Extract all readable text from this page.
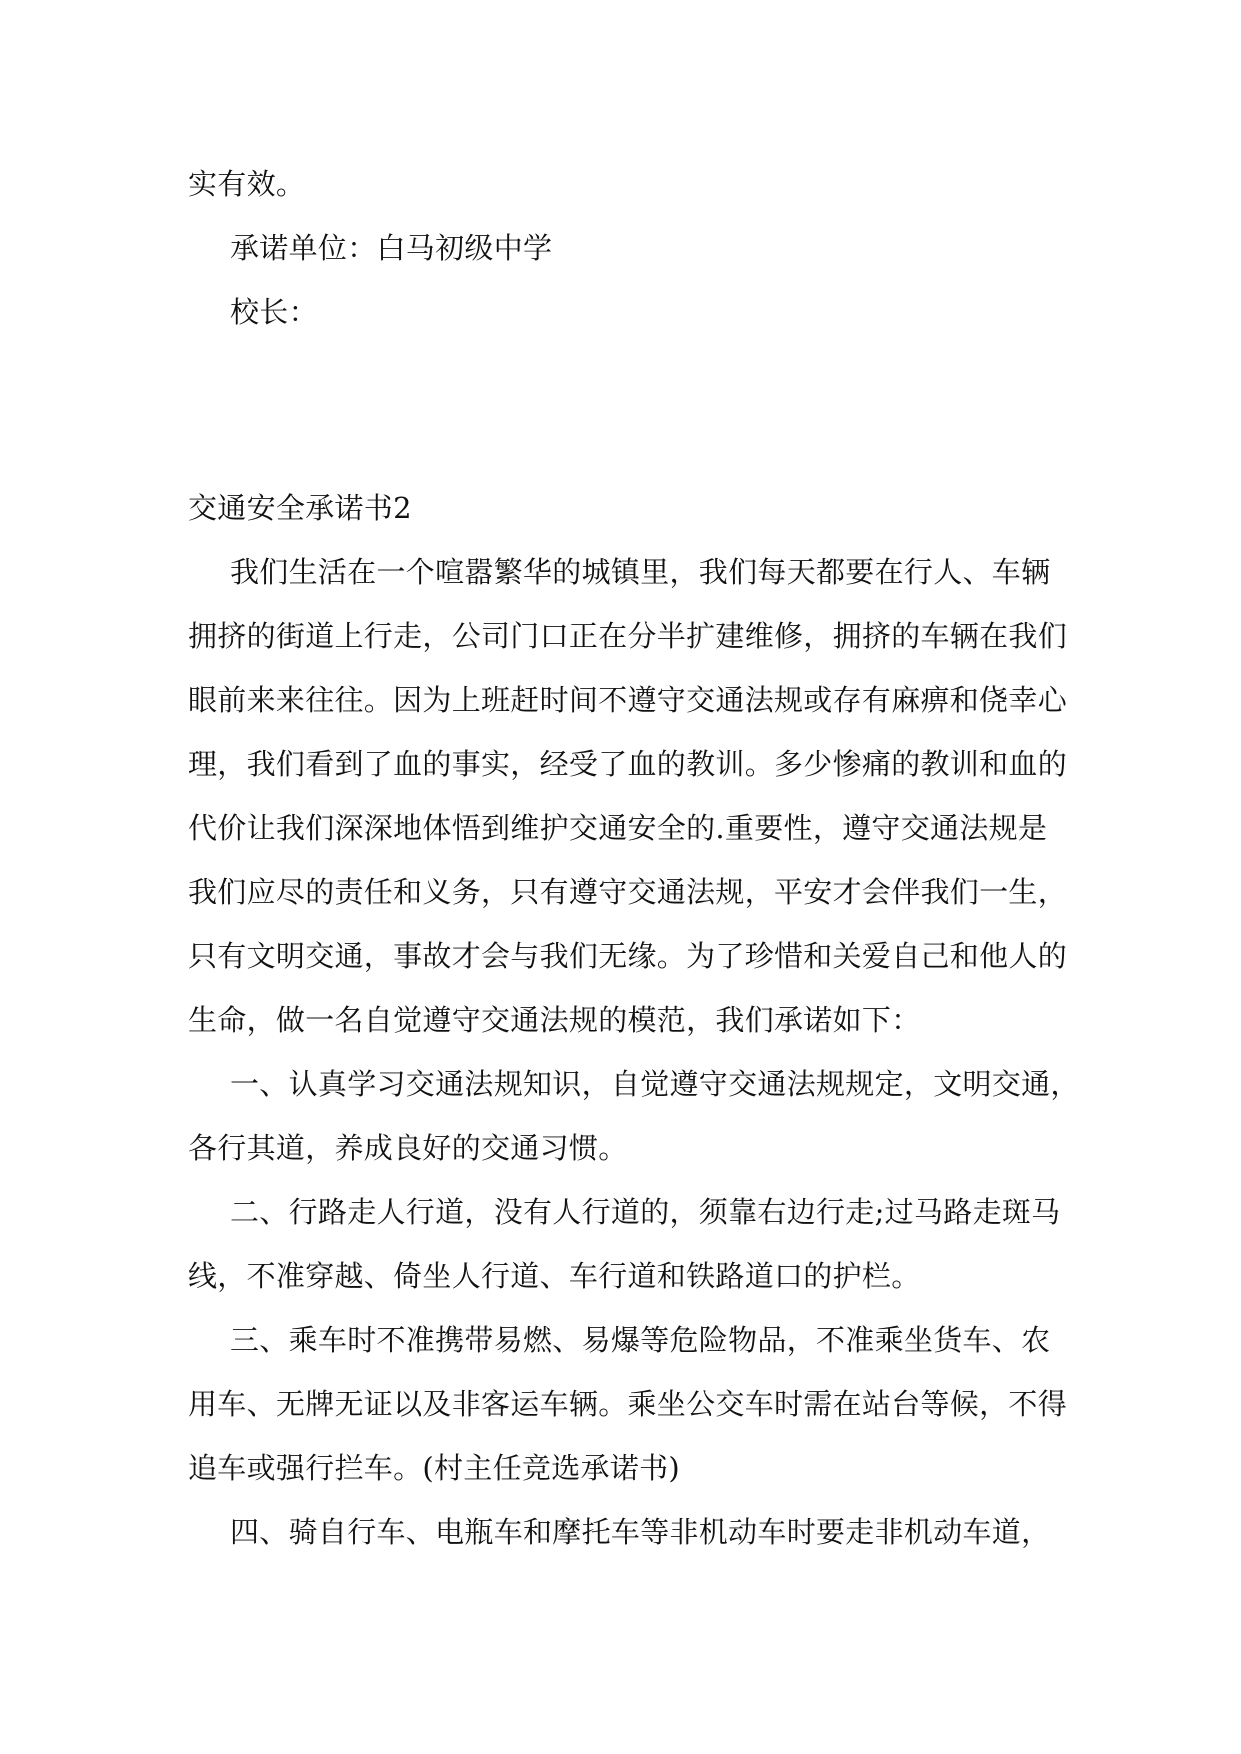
实有效。
承诺单位：白马初级中学
校长：
交通安全承诺书2
我们生活在一个喧嚣繁华的城镇里，我们每天都要在行人、车辆
拥挤的街道上行走，公司门口正在分半扩建维修，拥挤的车辆在我们
眼前来来往往。因为上班赶时间不遵守交通法规或存有麻痹和侥幸心
理，我们看到了血的事实，经受了血的教训。多少惨痛的教训和血的
代价让我们深深地体悟到维护交通安全的.重要性，遵守交通法规是
我们应尽的责任和义务，只有遵守交通法规，平安才会伴我们一生，
只有文明交通，事故才会与我们无缘。为了珍惜和关爱自己和他人的
生命，做一名自觉遵守交通法规的模范，我们承诺如下：
一、认真学习交通法规知识，自觉遵守交通法规规定，文明交通，
各行其道，养成良好的交通习惯。
二、行路走人行道，没有人行道的，须靠右边行走;过马路走斑马
线，不准穿越、倚坐人行道、车行道和铁路道口的护栏。
三、乘车时不准携带易燃、易爆等危险物品，不准乘坐货车、农
用车、无牌无证以及非客运车辆。乘坐公交车时需在站台等候，不得
追车或强行拦车。(村主任竞选承诺书)
四、骑自行车、电瓶车和摩托车等非机动车时要走非机动车道，
